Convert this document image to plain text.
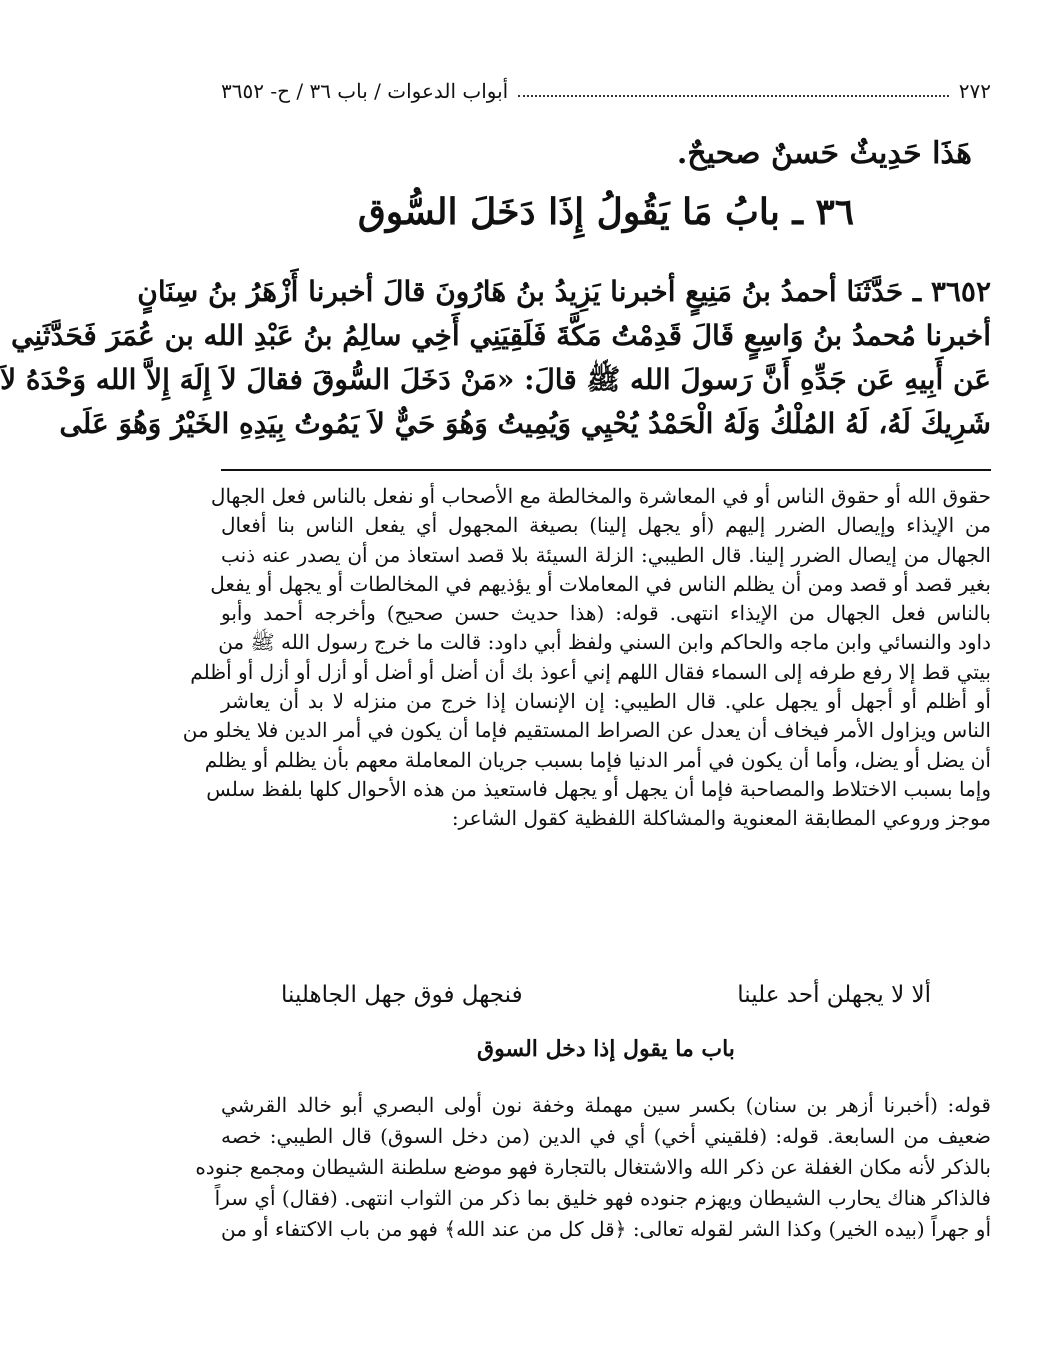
٢٧٢
أبواب الدعوات / باب ٣٦ / ح- ٣٦٥٢
هَذَا حَدِيثٌ حَسنٌ صحيحٌ.
٣٦ ـ بابُ مَا يَقُولُ إِذَا دَخَلَ السُّوق
٣٦٥٢ ـ حَدَّثَنَا أحمدُ بنُ مَنِيعٍ أخبرنا يَزِيدُ بنُ هَارُونَ قالَ أخبرنا أَزْهَرُ بنُ سِنَانٍ
أخبرنا مُحمدُ بنُ وَاسِعٍ قَالَ قَدِمْتُ مَكَّةَ فَلَقِيَنِي أَخِي سالِمُ بنُ عَبْدِ الله بن عُمَرَ فَحَدَّثَنِي
عَن أَبِيهِ عَن جَدِّهِ أَنَّ رَسولَ الله ﷺ قالَ: «مَنْ دَخَلَ السُّوقَ فقالَ لاَ إِلَهَ إِلاَّ الله وَحْدَهُ لاَ
شَرِيكَ لَهُ، لَهُ المُلْكُ وَلَهُ الْحَمْدُ يُحْيِي وَيُمِيتُ وَهُوَ حَيٌّ لاَ يَمُوتُ بِيَدِهِ الخَيْرُ وَهُوَ عَلَى
حقوق الله أو حقوق الناس أو في المعاشرة والمخالطة مع الأصحاب أو نفعل بالناس فعل الجهال
من الإيذاء وإيصال الضرر إليهم (أو يجهل إلينا) بصيغة المجهول أي يفعل الناس بنا أفعال
الجهال من إيصال الضرر إلينا. قال الطيبي: الزلة السيئة بلا قصد استعاذ من أن يصدر عنه ذنب
بغير قصد أو قصد ومن أن يظلم الناس في المعاملات أو يؤذيهم في المخالطات أو يجهل أو يفعل
بالناس فعل الجهال من الإيذاء انتهى. قوله: (هذا حديث حسن صحيح) وأخرجه أحمد وأبو
داود والنسائي وابن ماجه والحاكم وابن السني ولفظ أبي داود: قالت ما خرج رسول الله ﷺ من
بيتي قط إلا رفع طرفه إلى السماء فقال اللهم إني أعوذ بك أن أضل أو أضل أو أزل أو أزل أو أظلم
أو أظلم أو أجهل أو يجهل علي. قال الطيبي: إن الإنسان إذا خرج من منزله لا بد أن يعاشر
الناس ويزاول الأمر فيخاف أن يعدل عن الصراط المستقيم فإما أن يكون في أمر الدين فلا يخلو من
أن يضل أو يضل، وأما أن يكون في أمر الدنيا فإما بسبب جريان المعاملة معهم بأن يظلم أو يظلم
وإما بسبب الاختلاط والمصاحبة فإما أن يجهل أو يجهل فاستعيذ من هذه الأحوال كلها بلفظ سلس
موجز وروعي المطابقة المعنوية والمشاكلة اللفظية كقول الشاعر:
ألا لا يجهلن أحد علينا
فنجهل فوق جهل الجاهلينا
باب ما يقول إذا دخل السوق
قوله: (أخبرنا أزهر بن سنان) بكسر سين مهملة وخفة نون أولى البصري أبو خالد القرشي
ضعيف من السابعة. قوله: (فلقيني أخي) أي في الدين (من دخل السوق) قال الطيبي: خصه
بالذكر لأنه مكان الغفلة عن ذكر الله والاشتغال بالتجارة فهو موضع سلطنة الشيطان ومجمع جنوده
فالذاكر هناك يحارب الشيطان ويهزم جنوده فهو خليق بما ذكر من الثواب انتهى. (فقال) أي سراً
أو جهراً (بيده الخير) وكذا الشر لقوله تعالى: ﴿قل كل من عند الله﴾ فهو من باب الاكتفاء أو من
